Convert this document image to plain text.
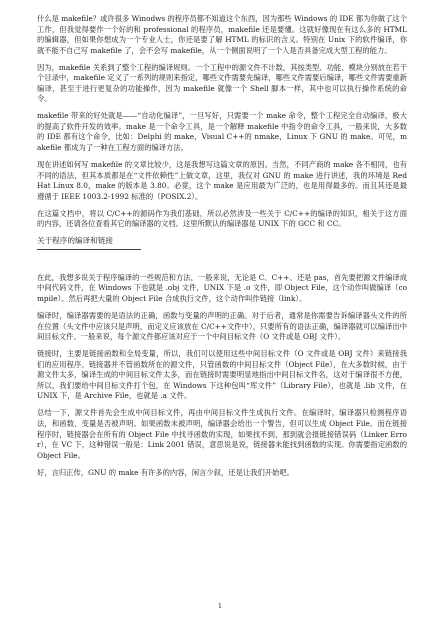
​

什么是 makefile？或许很多 Winodws 的程序员都不知道这个东西，因为那些 Windows 的 IDE 都为你做了这个工作，但我觉得要作一个好的和 professional 的程序员，makefile 还是要懂。这就好像现在有这么多的 HTML 的编辑器，但如果你想成为一个专业人士，你还是要了解 HTML 的标识的含义。特别在 Unix 下的软件编译，你就不能不自己写 makefile 了，会不会写 makefile，从一个侧面说明了一个人是否具备完成大型工程的能力。

因为，makefile 关系到了整个工程的编译规则。一个工程中的源文件不计数，其按类型、功能、模块分别放在若干个目录中，makefile 定义了一系列的规则来指定，哪些文件需要先编译，哪些文件需要后编译，哪些文件需要重新编译，甚至于进行更复杂的功能操作，因为 makefile 就像一个 Shell 脚本一样，其中也可以执行操作系统的命令。

makefile 带来的好处就是——“自动化编译”，一旦写好，只需要一个 make 命令，整个工程完全自动编译，极大的提高了软件开发的效率。make 是一个命令工具，是一个解释 makefile 中指令的命令工具，一般来说，大多数的 IDE 都有这个命令，比如：Delphi 的 make，Visual C++的 nmake，Linux 下 GNU 的 make。可见，makefile 都成为了一种在工程方面的编译方法。

现在讲述如何写 makefile 的文章比较少，这是我想写这篇文章的原因。当然，不同产商的 make 各不相同，也有不同的语法，但其本质都是在“文件依赖性”上做文章，这里，我仅对 GNU 的 make 进行讲述，我的环境是 RedHat Linux 8.0，make 的版本是 3.80。必竟，这个 make 是应用最为广泛的，也是用得最多的。而且其还是最遵循于 IEEE 1003.2-1992 标准的（POSIX.2）。

在这篇文档中，将以 C/C++的源码作为我们基础，所以必然涉及一些关于 C/C++的编译的知识，相关于这方面的内容，还请各位查看其它的编译器的文档。这里所默认的编译器是 UNIX 下的 GCC 和 CC。

关于程序的编译和链接

在此，我想多说关于程序编译的一些规范和方法，一般来说，无论是 C、C++、还是 pas，首先要把源文件编译成中间代码文件，在 Windows 下也就是 .obj 文件，UNIX 下是 .o 文件，即 Object File，这个动作叫做编译（compile）。然后再把大量的 Object File 合成执行文件，这个动作叫作链接（link）。

编译时，编译器需要的是语法的正确，函数与变量的声明的正确。对于后者，通常是你需要告诉编译器头文件的所在位置（头文件中应该只是声明，而定义应该放在 C/C++文件中），只要所有的语法正确，编译器就可以编译出中间目标文件。一般来说，每个源文件都应该对应于一个中间目标文件（O 文件或是 OBJ 文件）。

链接时，主要是链接函数和全局变量，所以，我们可以使用这些中间目标文件（O 文件或是 OBJ 文件）来链接我们的应用程序。链接器并不管函数所在的源文件，只管函数的中间目标文件（Object File），在大多数时候，由于源文件太多，编译生成的中间目标文件太多，而在链接时需要明显地指出中间目标文件名，这对于编译很不方便，所以，我们要给中间目标文件打个包，在 Windows 下这种包叫“库文件”（Library File），也就是 .lib 文件，在 UNIX 下，是 Archive File，也就是 .a 文件。

总结一下，源文件首先会生成中间目标文件，再由中间目标文件生成执行文件。在编译时，编译器只检测程序语法，和函数、变量是否被声明。如果函数未被声明，编译器会给出一个警告，但可以生成 Object File。而在链接程序时，链接器会在所有的 Object File 中找寻函数的实现，如果找不到，那到就会报链接错误码（Linker Error），在 VC 下，这种错误一般是：Link 2001 错误，意思说是说，链接器未能找到函数的实现。你需要指定函数的 Object File。

好，言归正传，GNU 的 make 有许多的内容，闲言少叙，还是让我们开始吧。

1
